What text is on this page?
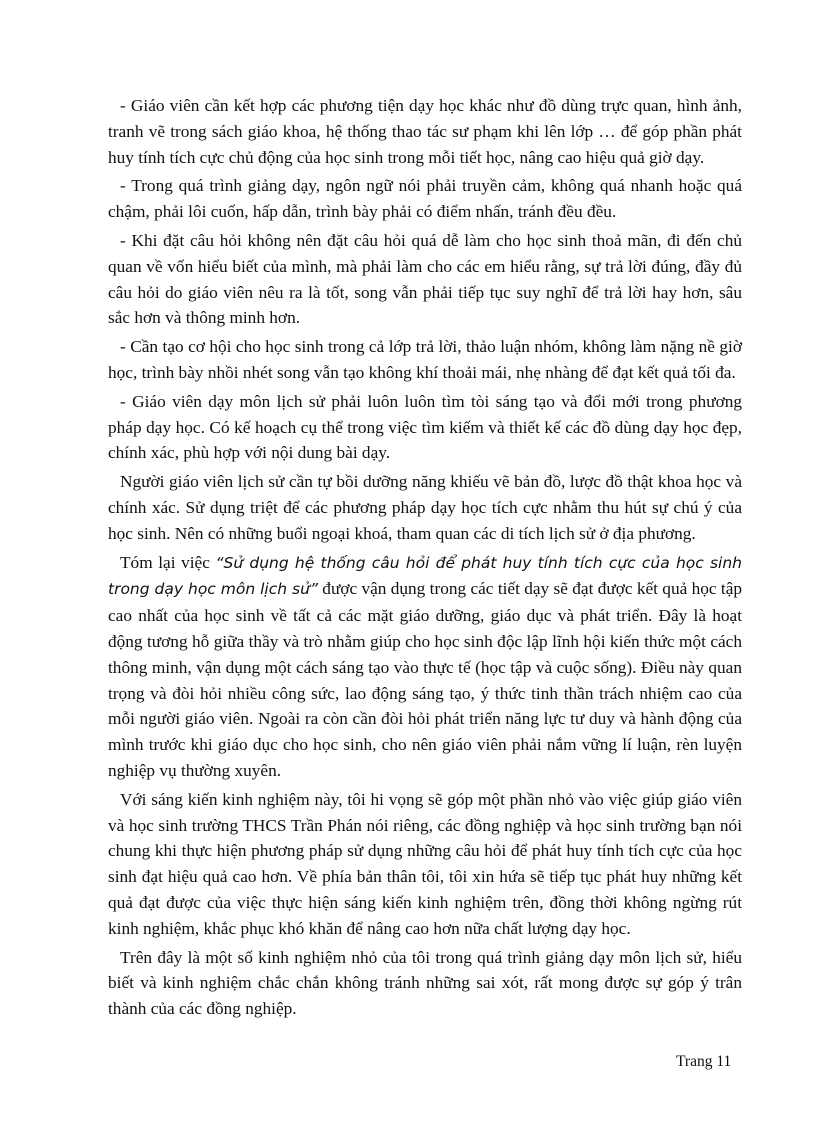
- Giáo viên cần kết hợp các phương tiện dạy học khác như đồ dùng trực quan, hình ảnh, tranh vẽ trong sách giáo khoa, hệ thống thao tác sư phạm khi lên lớp … để góp phần phát huy tính tích cực chủ động của học sinh trong mỗi tiết học, nâng cao hiệu quả giờ dạy.

- Trong quá trình giảng dạy, ngôn ngữ nói phải truyền cảm, không quá nhanh hoặc quá chậm, phải lôi cuốn, hấp dẫn, trình bày phải có điểm nhấn, tránh đều đều.

- Khi đặt câu hỏi không nên đặt câu hỏi quá dễ làm cho học sinh thoả mãn, đi đến chủ quan về vốn hiểu biết của mình, mà phải làm cho các em hiểu rằng, sự trả lời đúng, đầy đủ câu hỏi do giáo viên nêu ra là tốt, song vẫn phải tiếp tục suy nghĩ để trả lời hay hơn, sâu sắc hơn và thông minh hơn.

- Cần tạo cơ hội cho học sinh trong cả lớp trả lời, thảo luận nhóm, không làm nặng nề giờ học, trình bày nhồi nhét song vẫn tạo không khí thoải mái, nhẹ nhàng để đạt kết quả tối đa.

- Giáo viên dạy môn lịch sử phải luôn luôn tìm tòi sáng tạo và đổi mới trong phương pháp dạy học. Có kế hoạch cụ thể trong việc tìm kiếm và thiết kế các đồ dùng dạy học đẹp, chính xác, phù hợp với nội dung bài dạy.

Người giáo viên lịch sử cần tự bồi dưỡng năng khiếu vẽ bản đồ, lược đồ thật khoa học và chính xác. Sử dụng triệt để các phương pháp dạy học tích cực nhằm thu hút sự chú ý của học sinh. Nên có những buổi ngoại khoá, tham quan các di tích lịch sử ở địa phương.

Tóm lại việc “Sử dụng hệ thống câu hỏi để phát huy tính tích cực của học sinh trong dạy học môn lịch sử” được vận dụng trong các tiết dạy sẽ đạt được kết quả học tập cao nhất của học sinh về tất cả các mặt giáo dưỡng, giáo dục và phát triển. Đây là hoạt động tương hỗ giữa thầy và trò nhằm giúp cho học sinh độc lập lĩnh hội kiến thức một cách thông minh, vận dụng một cách sáng tạo vào thực tế (học tập và cuộc sống). Điều này quan trọng và đòi hỏi nhiều công sức, lao động sáng tạo, ý thức tinh thần trách nhiệm cao của mỗi người giáo viên. Ngoài ra còn cần đòi hỏi phát triển năng lực tư duy và hành động của mình trước khi giáo dục cho học sinh, cho nên giáo viên phải nắm vững lí luận, rèn luyện nghiệp vụ thường xuyên.

Với sáng kiến kinh nghiệm này, tôi hi vọng sẽ góp một phần nhỏ vào việc giúp giáo viên và học sinh trường THCS Trần Phán nói riêng, các đồng nghiệp và học sinh trường bạn nói chung khi thực hiện phương pháp sử dụng những câu hỏi để phát huy tính tích cực của học sinh đạt hiệu quả cao hơn. Về phía bản thân tôi, tôi xin hứa sẽ tiếp tục phát huy những kết quả đạt được của việc thực hiện sáng kiến kinh nghiệm trên, đồng thời không ngừng rút kinh nghiệm, khắc phục khó khăn để nâng cao hơn nữa chất lượng dạy học.

Trên đây là một số kinh nghiệm nhỏ của tôi trong quá trình giảng dạy môn lịch sử, hiểu biết và kinh nghiệm chắc chắn không tránh những sai xót, rất mong được sự góp ý trân thành của các đồng nghiệp.

Trang 11
